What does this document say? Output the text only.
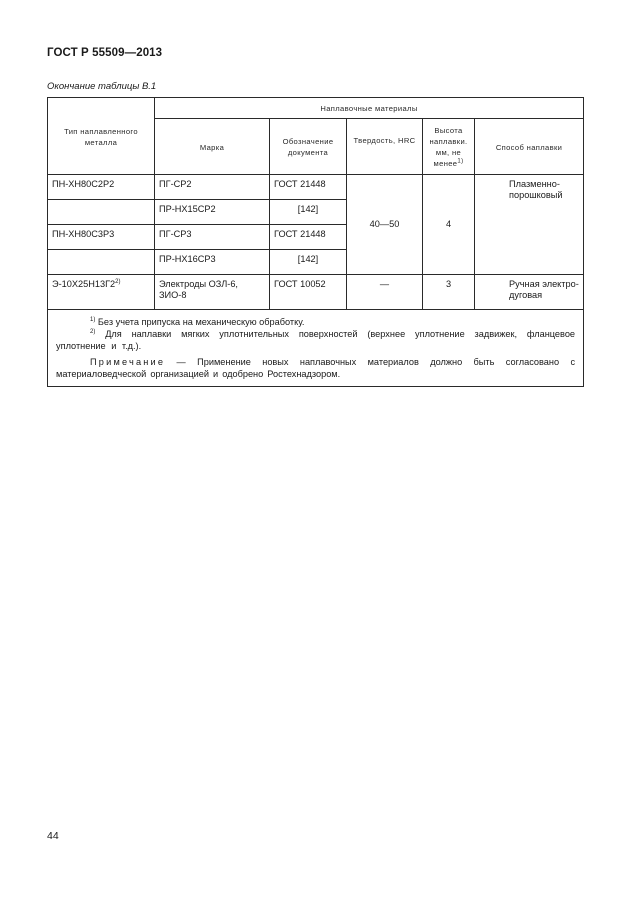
ГОСТ Р 55509—2013
Окончание таблицы В.1
Тип наплавленного металла	Наплавочные материалы				

	Марка	Обозначение документа	Твердость, HRC	Высота наплавки. мм, не менее$^{1)}$	Способ наплавки

ПН-ХН80С2Р2	ПГ-СР2	ГОСТ 21448	40—50	4	Плазменно- порошковый

	ПР-НХ15СР2	[142]			

ПН-ХН80С3Р3	ПГ-СР3	ГОСТ 21448			

	ПР-НХ16СР3	[142]			

Э-10Х25Н13Г2$^{2)}$	Электроды ОЗЛ-6, ЗИО-8	ГОСТ 10052	—	3	Ручная электро- дуговая

$^{1)}$ Без учета припуска на механическую обработку.

$^{2)}$ Для наплавки мягких уплотнительных поверхностей (верхнее уплотнение задвижек, фланцевое уплотнение и т.д.).

Примечание — Применение новых наплавочных материалов должно быть согласовано с материаловедческой организацией и одобрено Ростехнадзором.					

44
